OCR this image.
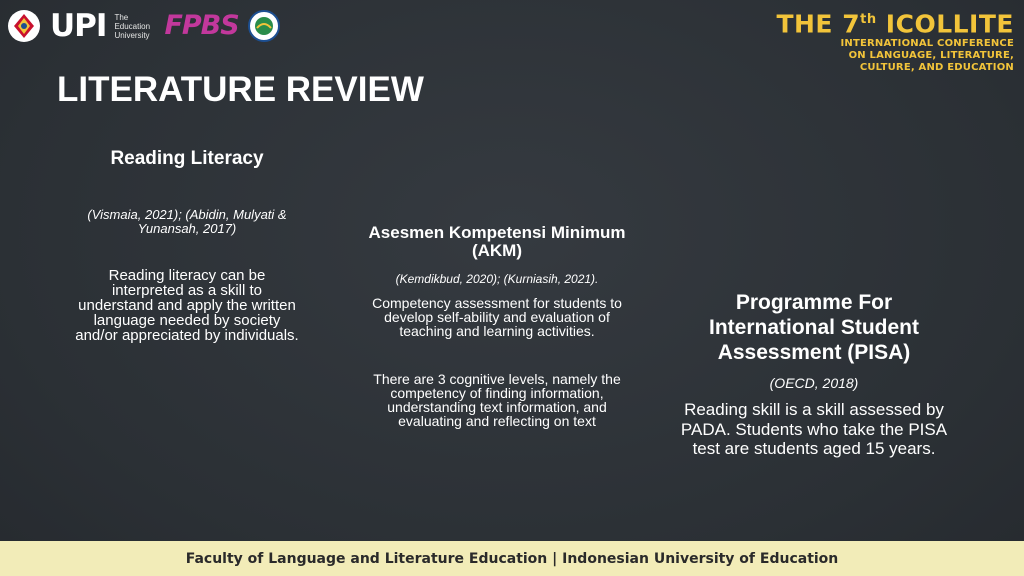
UPI The Education University FPBS	THE 7th ICOLLITE
INTERNATIONAL CONFERENCE
ON LANGUAGE, LITERATURE,
CULTURE, AND EDUCATION
LITERATURE REVIEW
Reading Literacy
(Vismaia, 2021); (Abidin, Mulyati & Yunansah, 2017)
Reading literacy can be interpreted as a skill to understand and apply the written language needed by society and/or appreciated by individuals.
Asesmen Kompetensi Minimum (AKM)
(Kemdikbud, 2020); (Kurniasih, 2021).
Competency assessment for students to develop self-ability and evaluation of teaching and learning activities.
There are 3 cognitive levels, namely the competency of finding information, understanding text information, and evaluating and reflecting on text
Programme For International Student Assessment (PISA)
(OECD, 2018)
Reading skill is a skill assessed by PADA. Students who take the PISA test are students aged 15 years.
Faculty of Language and Literature Education | Indonesian University of Education
